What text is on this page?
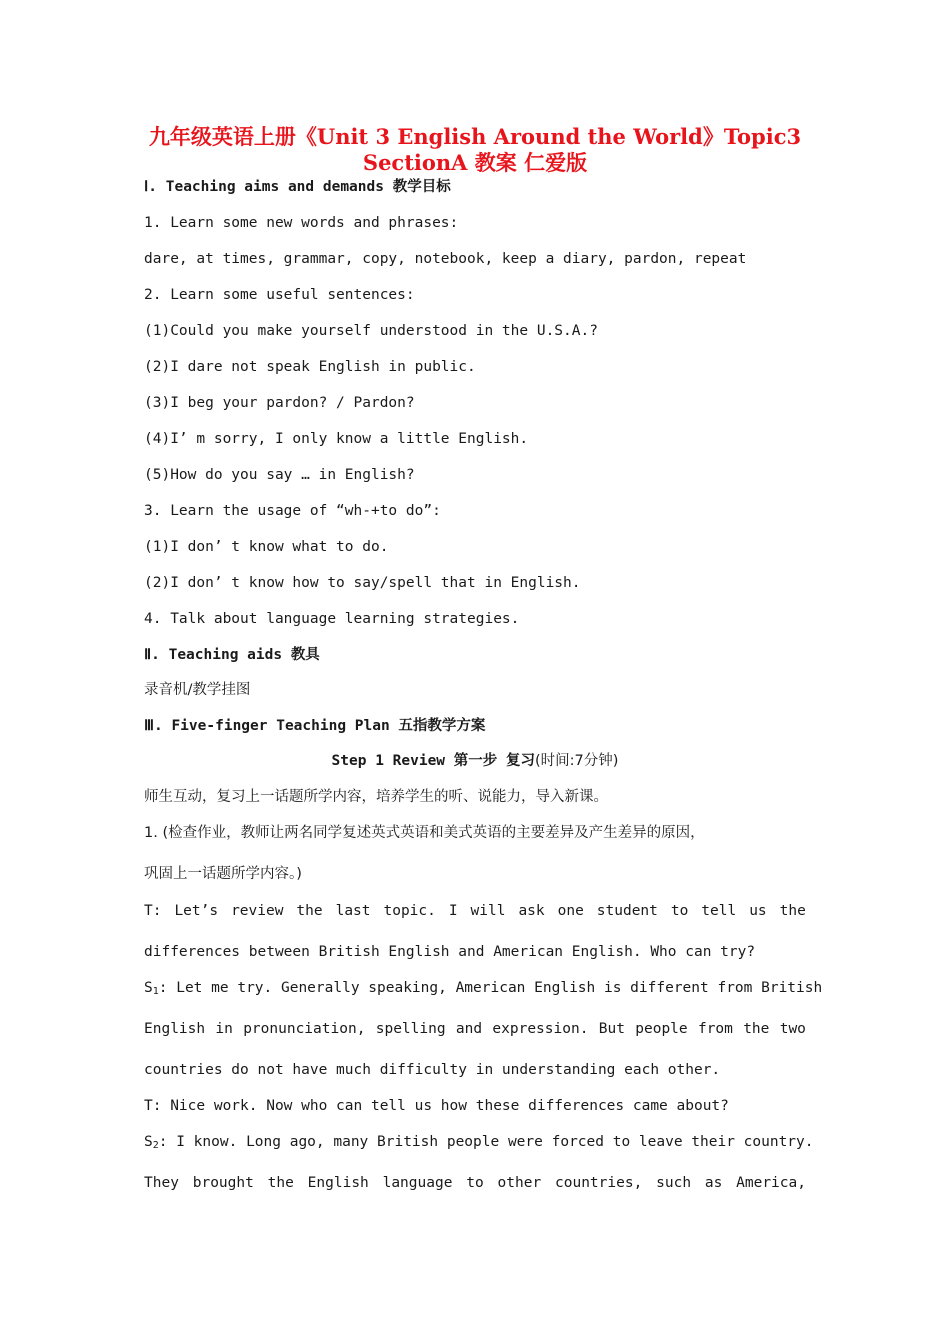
九年级英语上册《Unit 3 English Around the World》Topic3
SectionA 教案 仁爱版
Ⅰ. Teaching aims and demands 教学目标
1. Learn some new words and phrases:
dare, at times, grammar, copy, notebook, keep a diary, pardon, repeat
2. Learn some useful sentences:
(1)Could you make yourself understood in the U.S.A.?
(2)I dare not speak English in public.
(3)I beg your pardon? / Pardon?
(4)I’ m sorry, I only know a little English.
(5)How do you say … in English?
3. Learn the usage of “wh-+to do”:
(1)I don’ t know what to do.
(2)I don’ t know how to say/spell that in English.
4. Talk about language learning strategies.
Ⅱ. Teaching aids 教具
录音机/教学挂图
Ⅲ. Five-finger Teaching Plan 五指教学方案
Step 1 Review 第一步 复习(时间:7分钟)
师生互动，复习上一话题所学内容，培养学生的听、说能力，导入新课。
1. (检查作业，教师让两名同学复述英式英语和美式英语的主要差异及产生差异的原因，
巩固上一话题所学内容。)
T: Let’s review the last topic. I will ask one student to tell us the
differences between British English and American English. Who can try?
$S_1$: Let me try. Generally speaking, American English is different from British
English in pronunciation, spelling and expression. But people from the two
countries do not have much difficulty in understanding each other.
T: Nice work. Now who can tell us how these differences came about?
$S_2$: I know. Long ago, many British people were forced to leave their country.
They brought the English language to other countries, such as America,
